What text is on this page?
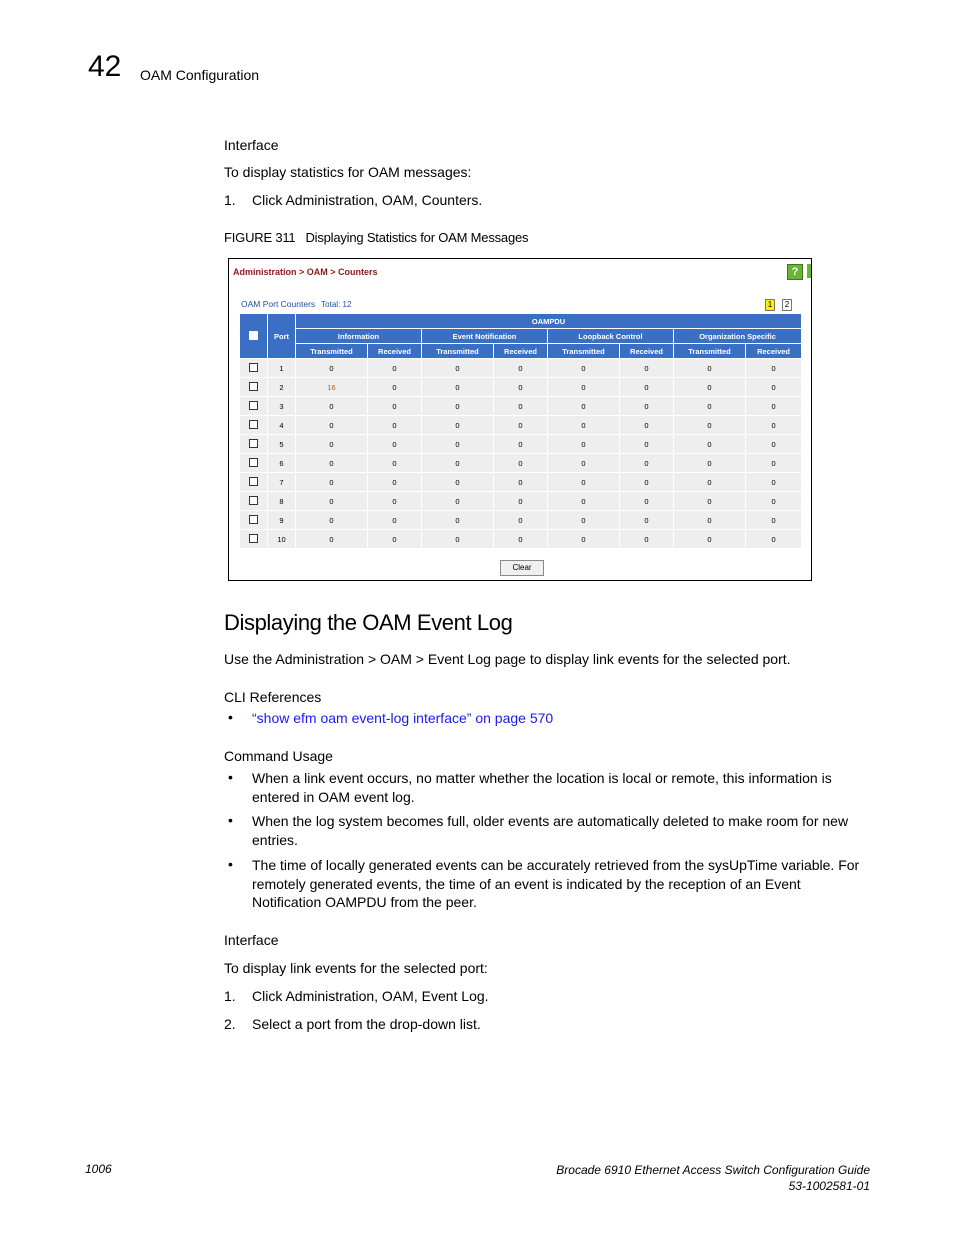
42 OAM Configuration
Interface
To display statistics for OAM messages:
1. Click Administration, OAM, Counters.
FIGURE 311 Displaying Statistics for OAM Messages
Administration > OAM > Counters	?
OAM Port Counters Total: 12	1	2
	Port	OAMPDU							
		Information		Event Notification		Loopback Control		Organization Specific	
		Transmitted	Received	Transmitted	Received	Transmitted	Received	Transmitted	Received
	1	0	0	0	0	0	0	0	0
	2	16	0	0	0	0	0	0	0
	3	0	0	0	0	0	0	0	0
	4	0	0	0	0	0	0	0	0
	5	0	0	0	0	0	0	0	0
	6	0	0	0	0	0	0	0	0
	7	0	0	0	0	0	0	0	0
	8	0	0	0	0	0	0	0	0
	9	0	0	0	0	0	0	0	0
	10	0	0	0	0	0	0	0	0
Clear
Displaying the OAM Event Log
Use the Administration > OAM > Event Log page to display link events for the selected port.
CLI References
• “show efm oam event-log interface” on page 570
Command Usage
• When a link event occurs, no matter whether the location is local or remote, this information is entered in OAM event log.
• When the log system becomes full, older events are automatically deleted to make room for new entries.
• The time of locally generated events can be accurately retrieved from the sysUpTime variable. For remotely generated events, the time of an event is indicated by the reception of an Event Notification OAMPDU from the peer.
Interface
To display link events for the selected port:
1. Click Administration, OAM, Event Log.
2. Select a port from the drop-down list.
1006	Brocade 6910 Ethernet Access Switch Configuration Guide
53-1002581-01
